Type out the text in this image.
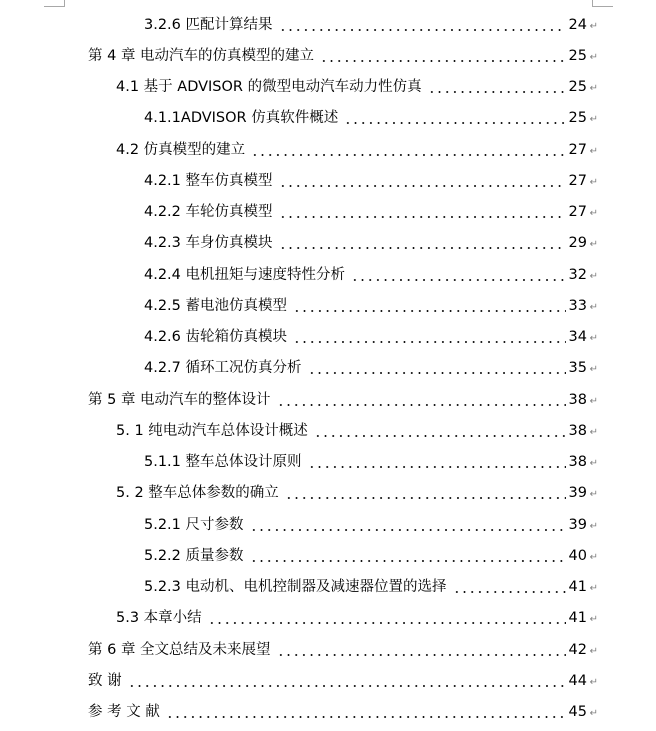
3.2.6 匹配计算结果	24 ↵
第 4 章 电动汽车的仿真模型的建立	25 ↵
4.1 基于 ADVISOR 的微型电动汽车动力性仿真	25 ↵
4.1.1ADVISOR 仿真软件概述	25 ↵
4.2 仿真模型的建立	27 ↵
4.2.1 整车仿真模型	27 ↵
4.2.2 车轮仿真模型	27 ↵
4.2.3 车身仿真模块	29 ↵
4.2.4 电机扭矩与速度特性分析	32 ↵
4.2.5 蓄电池仿真模型	33 ↵
4.2.6 齿轮箱仿真模块	34 ↵
4.2.7 循环工况仿真分析	35 ↵
第 5 章 电动汽车的整体设计	38 ↵
5. 1 纯电动汽车总体设计概述	38 ↵
5.1.1 整车总体设计原则	38 ↵
5. 2 整车总体参数的确立	39 ↵
5.2.1 尺寸参数	39 ↵
5.2.2 质量参数	40 ↵
5.2.3 电动机、电机控制器及减速器位置的选择	41 ↵
5.3 本章小结	41 ↵
第 6 章 全文总结及未来展望	42 ↵
致 谢	44 ↵
参 考 文 献	45 ↵
